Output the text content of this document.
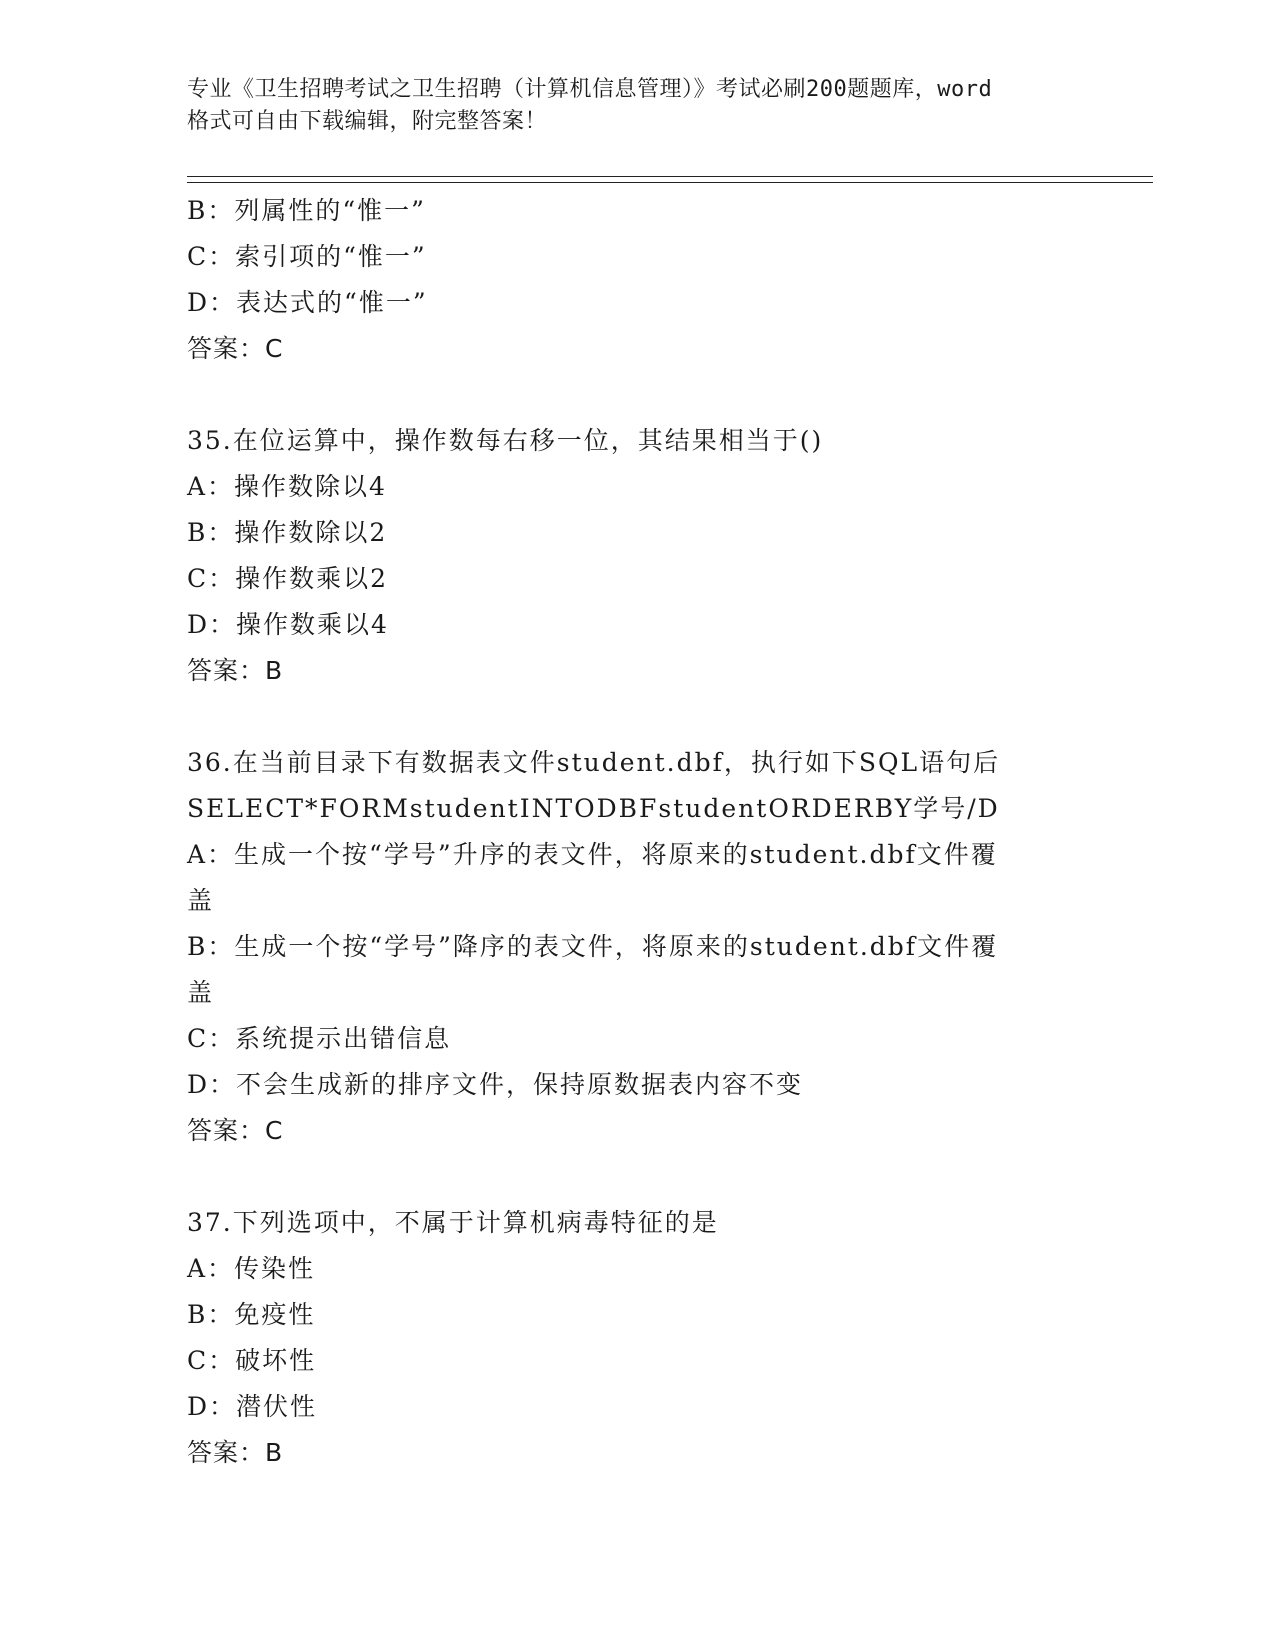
专业《卫生招聘考试之卫生招聘（计算机信息管理）》考试必刷200题题库，word
格式可自由下载编辑，附完整答案！
B：列属性的“惟一”
C：索引项的“惟一”
D：表达式的“惟一”
答案：C
35.在位运算中，操作数每右移一位，其结果相当于()
A：操作数除以4
B：操作数除以2
C：操作数乘以2
D：操作数乘以4
答案：B
36.在当前目录下有数据表文件student.dbf，执行如下SQL语句后
SELECT*FORMstudentINTODBFstudentORDERBY学号/D
A：生成一个按“学号”升序的表文件，将原来的student.dbf文件覆
盖
B：生成一个按“学号”降序的表文件，将原来的student.dbf文件覆
盖
C：系统提示出错信息
D：不会生成新的排序文件，保持原数据表内容不变
答案：C
37.下列选项中，不属于计算机病毒特征的是
A：传染性
B：免疫性
C：破坏性
D：潜伏性
答案：B
